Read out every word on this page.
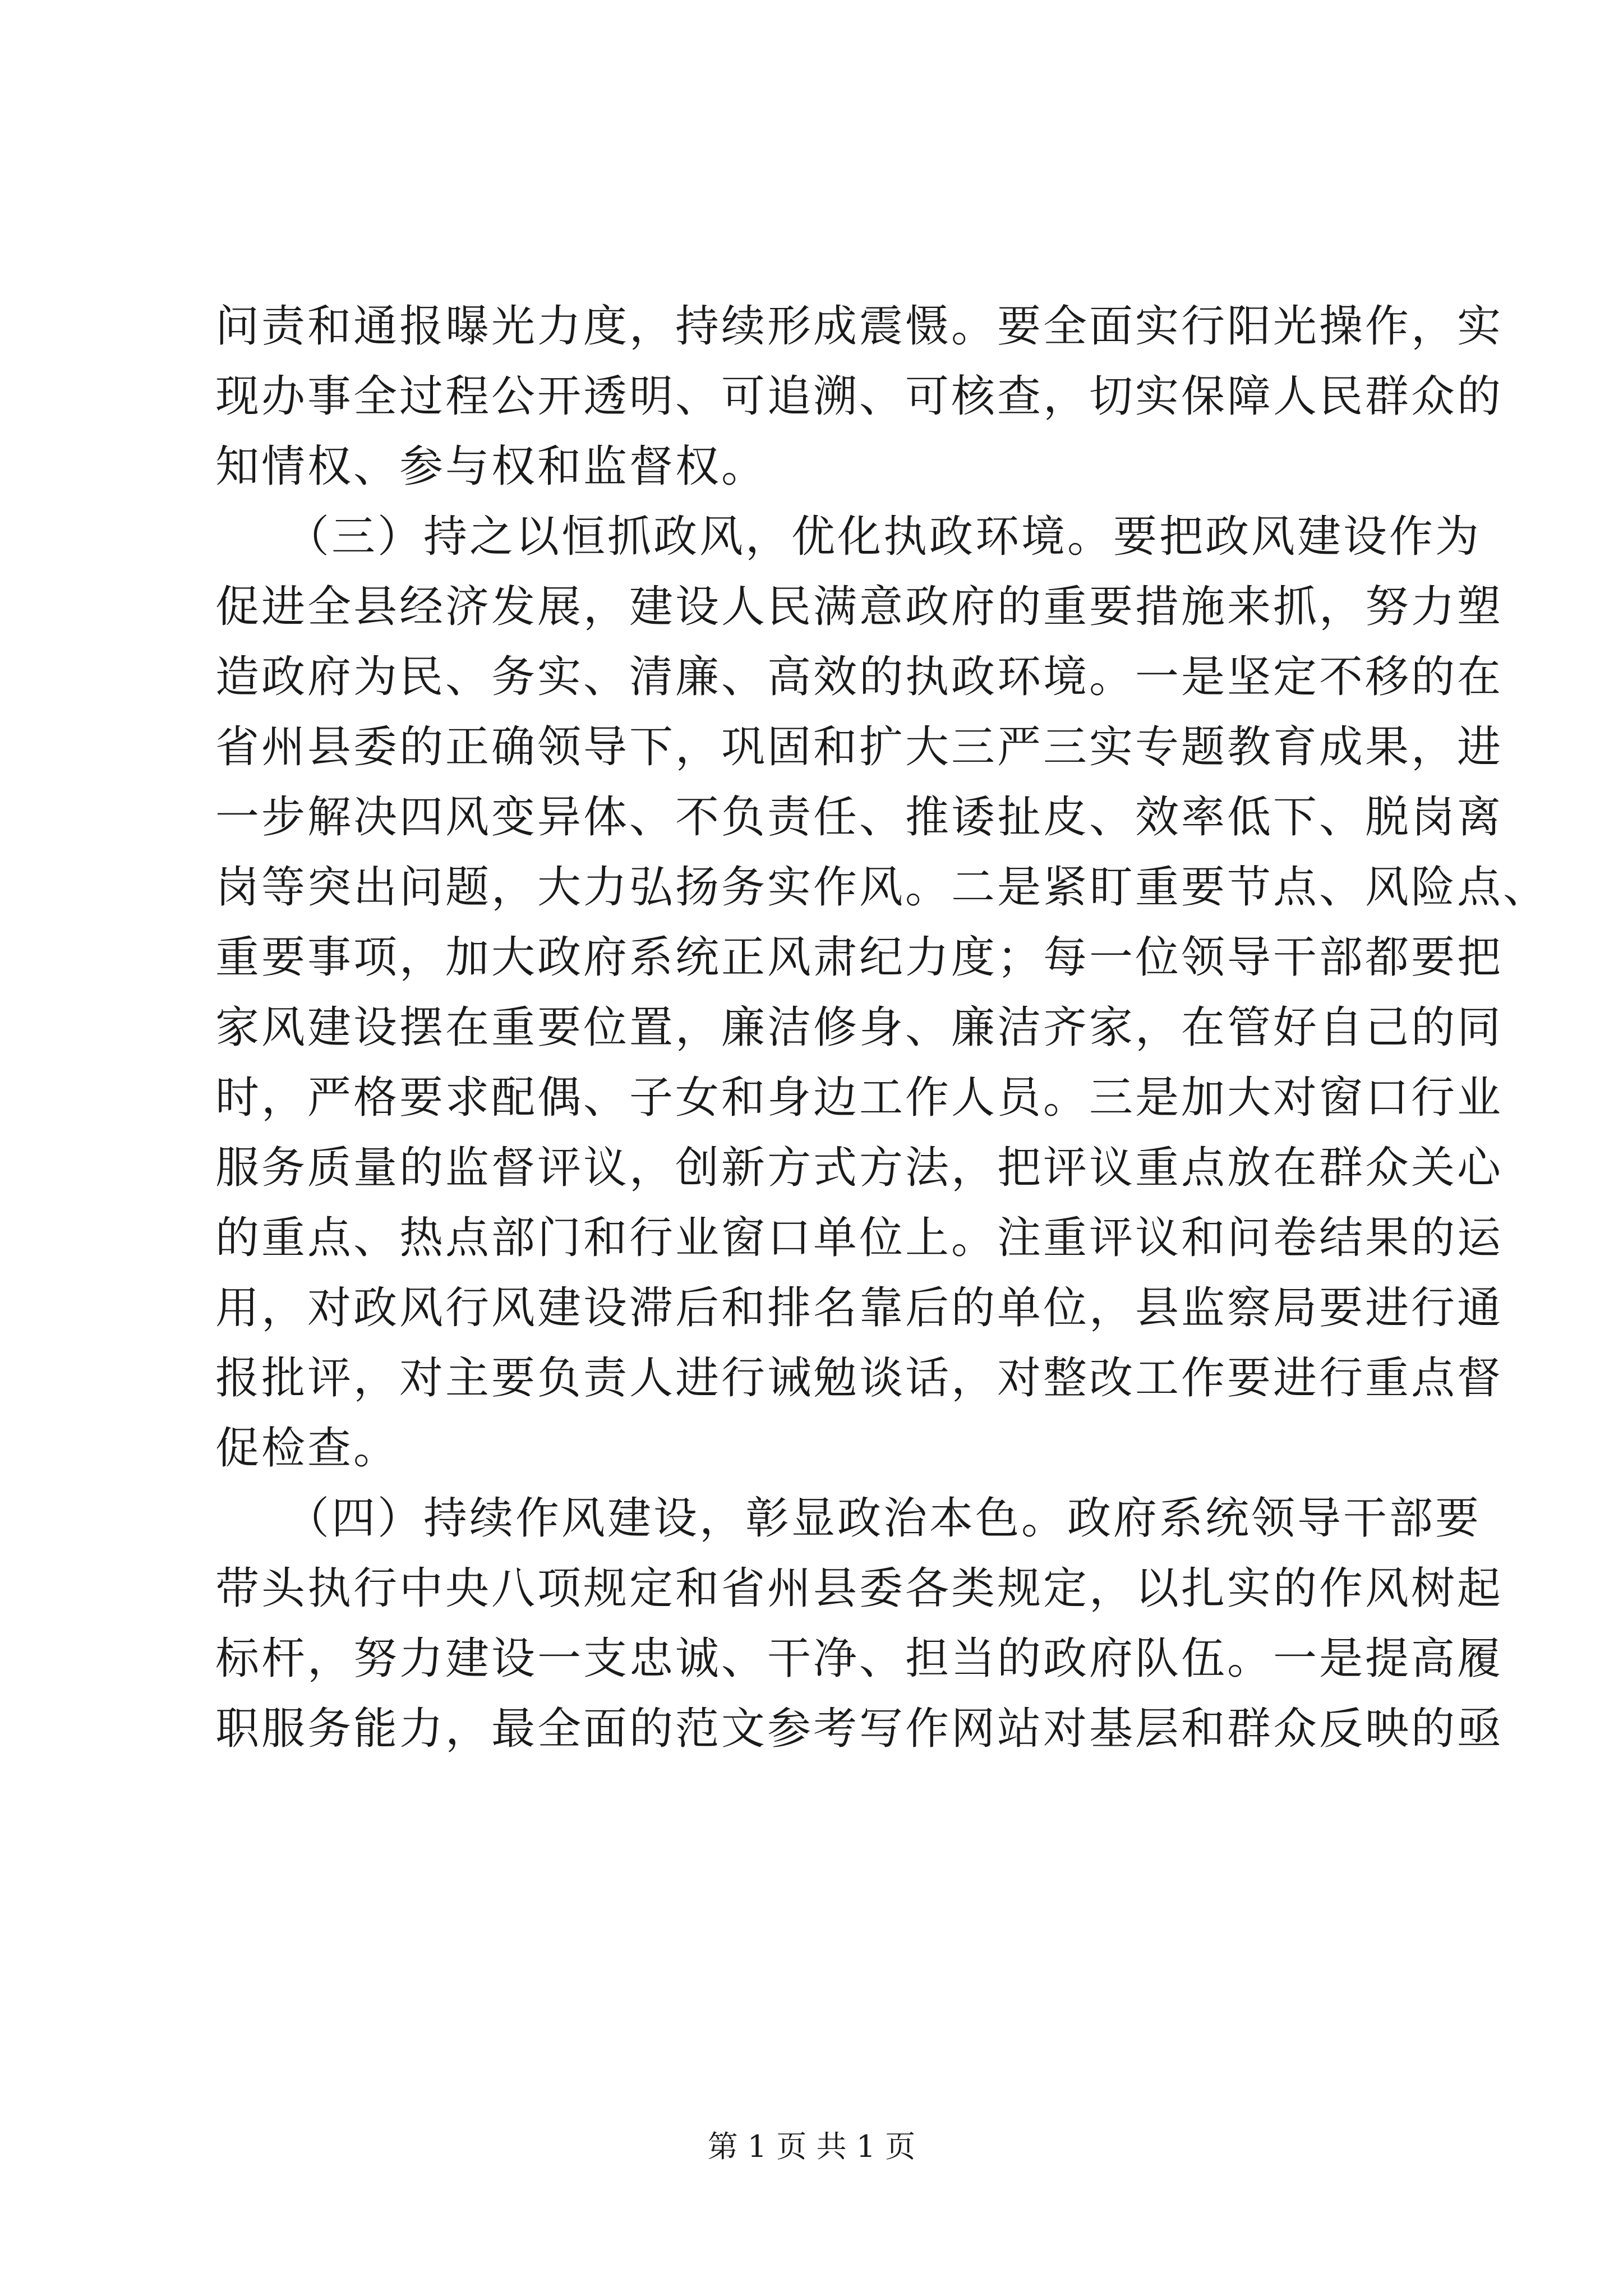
问责和通报曝光力度，持续形成震慑。要全面实行阳光操作，实
现办事全过程公开透明、可追溯、可核查，切实保障人民群众的
知情权、参与权和监督权。
　　（三）持之以恒抓政风，优化执政环境。要把政风建设作为
促进全县经济发展，建设人民满意政府的重要措施来抓，努力塑
造政府为民、务实、清廉、高效的执政环境。一是坚定不移的在
省州县委的正确领导下，巩固和扩大三严三实专题教育成果，进
一步解决四风变异体、不负责任、推诿扯皮、效率低下、脱岗离
岗等突出问题，大力弘扬务实作风。二是紧盯重要节点、风险点、
重要事项，加大政府系统正风肃纪力度；每一位领导干部都要把
家风建设摆在重要位置，廉洁修身、廉洁齐家，在管好自己的同
时，严格要求配偶、子女和身边工作人员。三是加大对窗口行业
服务质量的监督评议，创新方式方法，把评议重点放在群众关心
的重点、热点部门和行业窗口单位上。注重评议和问卷结果的运
用，对政风行风建设滞后和排名靠后的单位，县监察局要进行通
报批评，对主要负责人进行诫勉谈话，对整改工作要进行重点督
促检查。
　　（四）持续作风建设，彰显政治本色。政府系统领导干部要
带头执行中央八项规定和省州县委各类规定，以扎实的作风树起
标杆，努力建设一支忠诚、干净、担当的政府队伍。一是提高履
职服务能力，最全面的范文参考写作网站对基层和群众反映的亟
第 1 页 共 1 页
